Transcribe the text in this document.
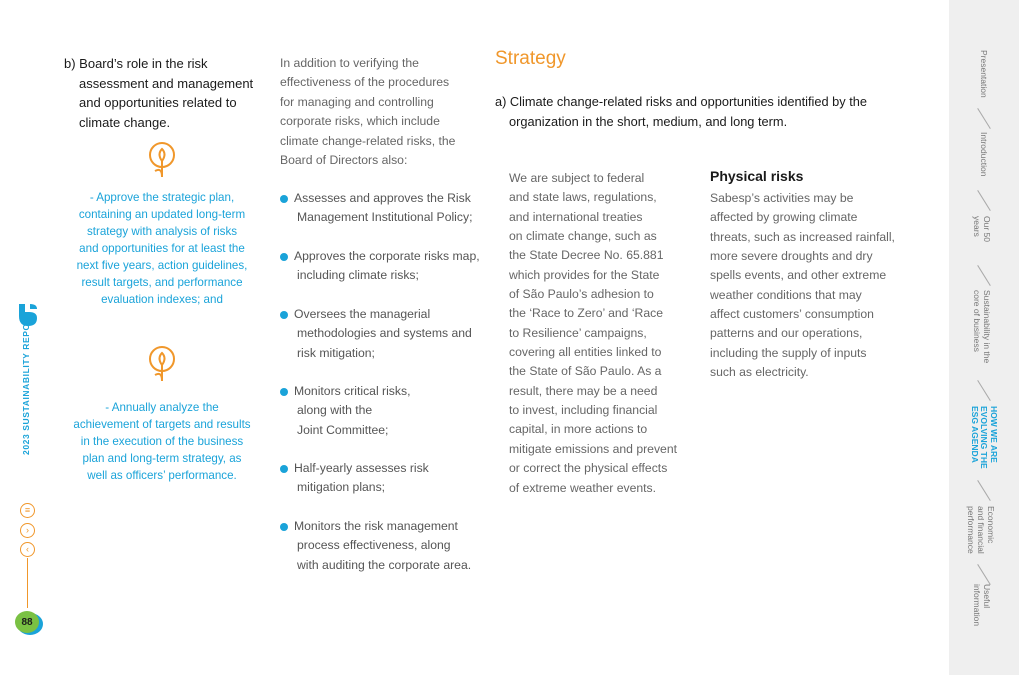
2023 SUSTAINABILITY REPORT
≡
›
‹
88
b) Board’s role in the risk
assessment and management
and opportunities related to
climate change.
- Approve the strategic plan,
containing an updated long-term
strategy with analysis of risks
and opportunities for at least the
next five years, action guidelines,
result targets, and performance
evaluation indexes; and
- Annually analyze the
achievement of targets and results
in the execution of the business
plan and long-term strategy, as
well as officers’ performance.
In addition to verifying the
effectiveness of the procedures
for managing and controlling
corporate risks, which include
climate change-related risks, the
Board of Directors also:
Assesses and approves the Risk
Management Institutional Policy;
Approves the corporate risks map,
including climate risks;
Oversees the managerial
methodologies and systems and
risk mitigation;
Monitors critical risks,
along with the
Joint Committee;
Half-yearly assesses risk
mitigation plans;
Monitors the risk management
process effectiveness, along
with auditing the corporate area.
Strategy
a) Climate change-related risks and opportunities identified by the
organization in the short, medium, and long term.
We are subject to federal
and state laws, regulations,
and international treaties
on climate change, such as
the State Decree No. 65.881
which provides for the State
of São Paulo’s adhesion to
the ‘Race to Zero’ and ‘Race
to Resilience’ campaigns,
covering all entities linked to
the State of São Paulo. As a
result, there may be a need
to invest, including financial
capital, in more actions to
mitigate emissions and prevent
or correct the physical effects
of extreme weather events.
Physical risks
Sabesp’s activities may be
affected by growing climate
threats, such as increased rainfall,
more severe droughts and dry
spells events, and other extreme
weather conditions that may
affect customers’ consumption
patterns and our operations,
including the supply of inputs
such as electricity.
Presentation
Introduction
Our 50
years
Sustainability in the
core of business
HOW WE ARE
EVOLVING THE
ESG AGENDA
Economic
and financial
performance
Useful
information
